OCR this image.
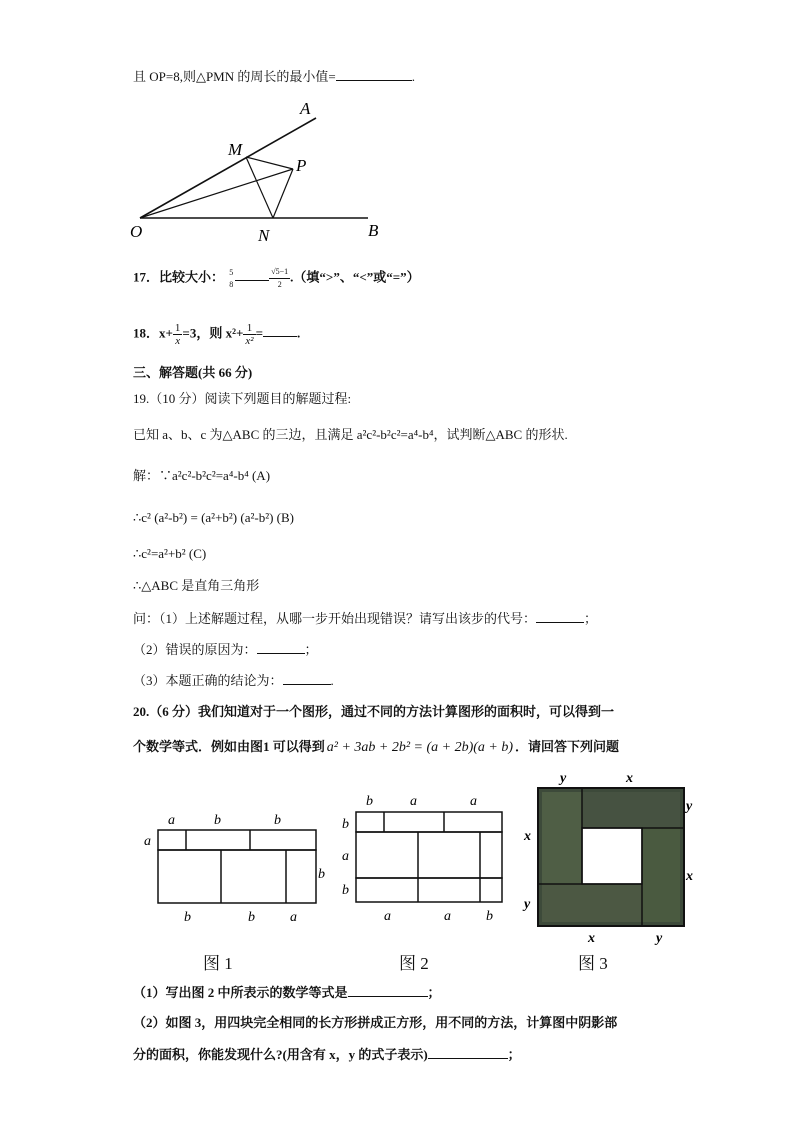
且 OP=8,则△PMN 的周长的最小值=	.
A
M
P
O	N	B
17．比较大小： 5
8	$\frac{√5-1}{2}$ .（填“>”、“<”或“=”）
18．$x+ \frac{1}{x} =3$，则 $x^2+ \frac{1}{\text{x²}}$ =	.
三、解答题(共 66 分)
19.（10 分）阅读下列题目的解题过程:
已知 a、b、c 为△ABC 的三边，且满足 a²c²-b²c²=a⁴-b⁴，试判断△ABC 的形状.
解：∵a²c²-b²c²=a⁴-b⁴ (A)
∴c² (a²-b²) = (a²+b²) (a²-b²) (B)
∴c²=a²+b² (C)
∴△ABC 是直角三角形
问：（1）上述解题过程，从哪一步开始出现错误？请写出该步的代号：	；
（2）错误的原因为：	；
（3）本题正确的结论为：	.
20.（6 分）我们知道对于一个图形，通过不同的方法计算图形的面积时，可以得到一
个数学等式．例如由图1 可以得到 a² + 3ab + 2b² = (a + 2b)(a + b) ．请回答下列问题
a	b	b
a
b
b	b	a
图 1
b	a	a
b
a
b
a	a	b
图 2
y	x
y
x
x
y
x	y
图 3
（1）写出图 2 中所表示的数学等式是	；
（2）如图 3，用四块完全相同的长方形拼成正方形，用不同的方法，计算图中阴影部
分的面积，你能发现什么?(用含有 x，y 的式子表示)	；
